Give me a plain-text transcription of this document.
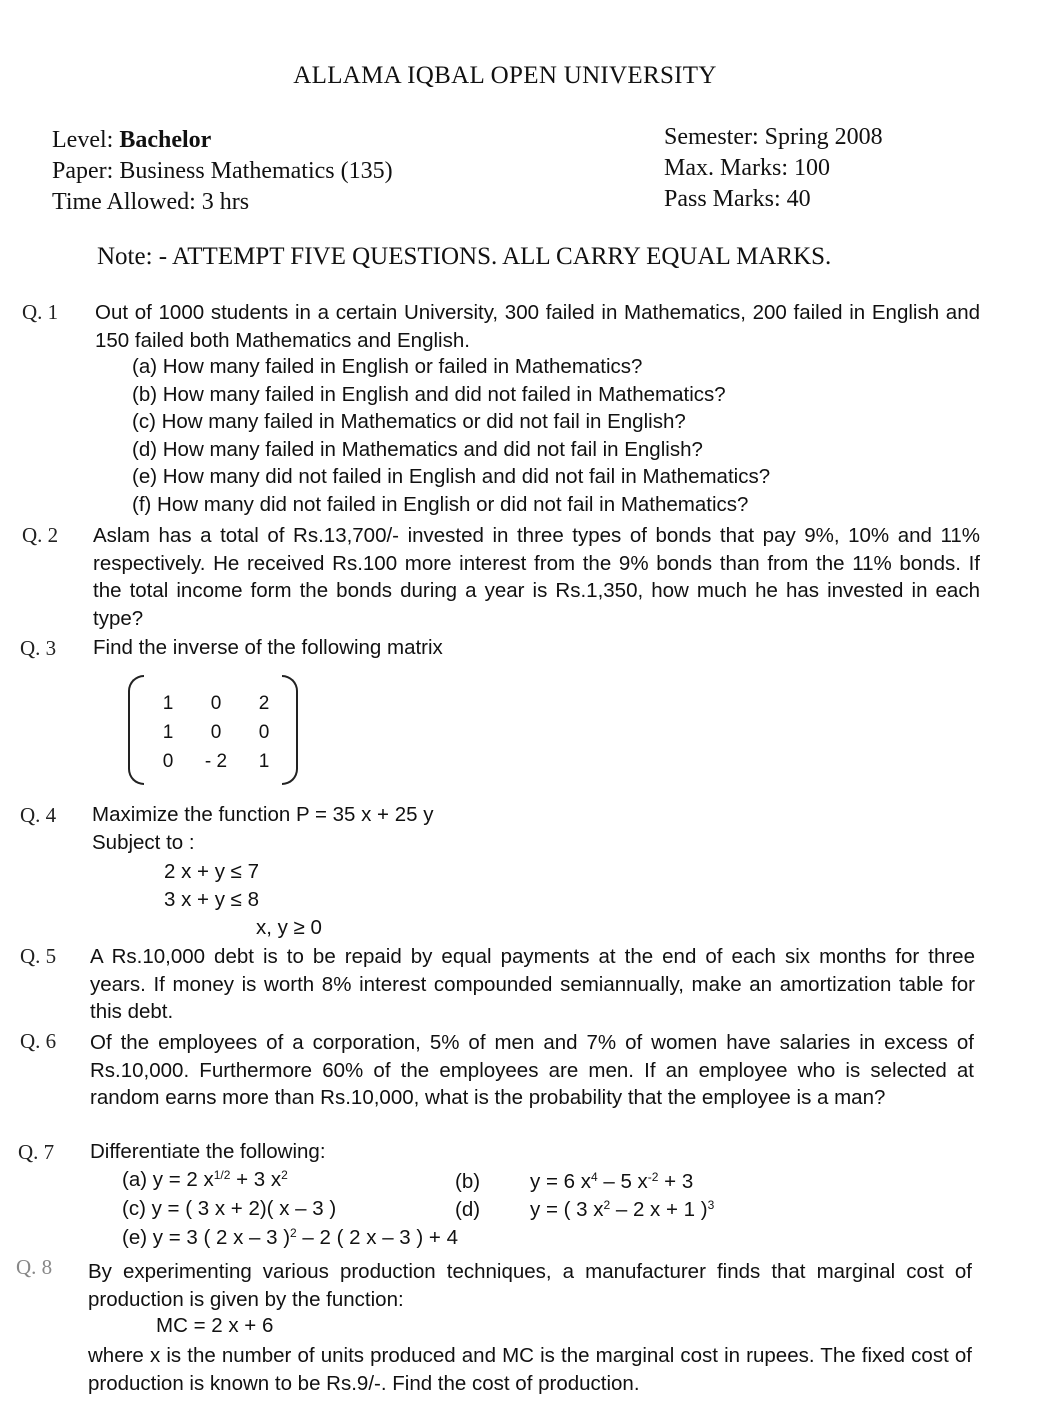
ALLAMA IQBAL OPEN UNIVERSITY
Level: Bachelor
Paper: Business Mathematics (135)
Time Allowed: 3 hrs
Semester: Spring 2008
Max. Marks: 100
Pass Marks: 40
Note: - ATTEMPT FIVE QUESTIONS. ALL CARRY EQUAL MARKS.
Q. 1 Out of 1000 students in a certain University, 300 failed in Mathematics, 200 failed in English and 150 failed both Mathematics and English.
(a) How many failed in English or failed in Mathematics?
(b) How many failed in English and did not failed in Mathematics?
(c) How many failed in Mathematics or did not fail in English?
(d) How many failed in Mathematics and did not fail in English?
(e) How many did not failed in English and did not fail in Mathematics?
(f) How many did not failed in English or did not fail in Mathematics?
Q. 2 Aslam has a total of Rs.13,700/- invested in three types of bonds that pay 9%, 10% and 11% respectively. He received Rs.100 more interest from the 9% bonds than from the 11% bonds. If the total income form the bonds during a year is Rs.1,350, how much he has invested in each type?
Q. 3 Find the inverse of the following matrix
1	0	2
1	0	0
0	- 2	1
Q. 4 Maximize the function P = 35 x + 25 y
Subject to :
2 x + y ≤ 7
3 x + y ≤ 8
x, y ≥ 0
Q. 5 A Rs.10,000 debt is to be repaid by equal payments at the end of each six months for three years. If money is worth 8% interest compounded semiannually, make an amortization table for this debt.
Q. 6 Of the employees of a corporation, 5% of men and 7% of women have salaries in excess of Rs.10,000. Furthermore 60% of the employees are men. If an employee who is selected at random earns more than Rs.10,000, what is the probability that the employee is a man?
Q. 7 Differentiate the following:
(a) y = 2 $x^{1/2} + 3$ $x^2$	(b) y = 6 $x^4 - 5$ $x^{-2} + 3$
(c) y = ( 3 x + 2)( x – 3 )	(d) y = ( 3 $x^2 - 2$ x + 1 )$^3$
(e) y = 3 ( 2 x – 3 )$^2$ – 2 ( 2 x – 3 ) + 4
Q. 8 By experimenting various production techniques, a manufacturer finds that marginal cost of production is given by the function:
MC = 2 x + 6
where x is the number of units produced and MC is the marginal cost in rupees. The fixed cost of production is known to be Rs.9/-. Find the cost of production.
